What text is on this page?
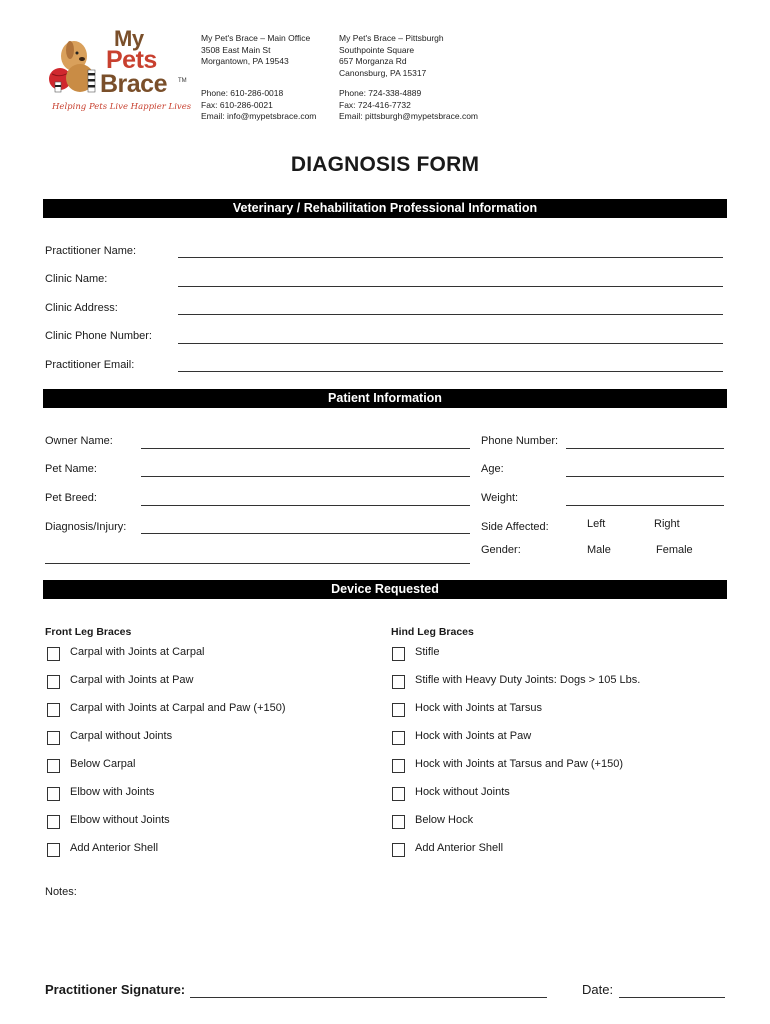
My
Pets
Brace TM
Helping Pets Live Happier Lives
My Pet's Brace – Main Office
3508 East Main St
Morgantown, PA 19543
Phone: 610-286-0018
Fax: 610-286-0021
Email: info@mypetsbrace.com
My Pet's Brace – Pittsburgh
Southpointe Square
657 Morganza Rd
Canonsburg, PA 15317
Phone: 724-338-4889
Fax: 724-416-7732
Email: pittsburgh@mypetsbrace.com
DIAGNOSIS FORM
Veterinary / Rehabilitation Professional Information
Practitioner Name:
Clinic Name:
Clinic Address:
Clinic Phone Number:
Practitioner Email:
Patient Information
Owner Name:
Pet Name:
Pet Breed:
Diagnosis/Injury:
Phone Number:
Age:
Weight:
Side Affected:	Left	Right
Gender:	Male	Female
Device Requested
Front Leg Braces	Hind Leg Braces
Carpal with Joints at Carpal
Carpal with Joints at Paw
Carpal with Joints at Carpal and Paw (+150)
Carpal without Joints
Below Carpal
Elbow with Joints
Elbow without Joints
Add Anterior Shell
Stifle
Stifle with Heavy Duty Joints: Dogs > 105 Lbs.
Hock with Joints at Tarsus
Hock with Joints at Paw
Hock with Joints at Tarsus and Paw (+150)
Hock without Joints
Below Hock
Add Anterior Shell
Notes:
Practitioner Signature:	Date:
